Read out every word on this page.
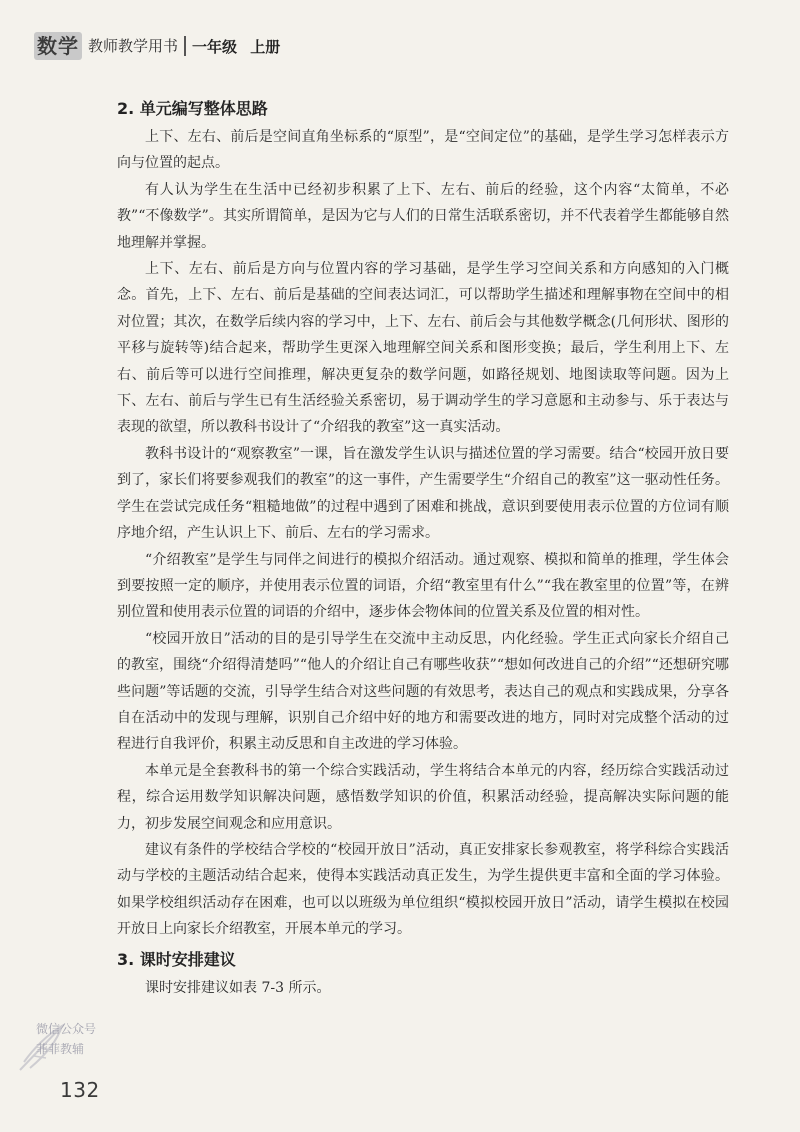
数学 教师教学用书 一年级 上册
2. 单元编写整体思路

上下、左右、前后是空间直角坐标系的“原型”，是“空间定位”的基础，是学生学习怎样表示方向与位置的起点。

有人认为学生在生活中已经初步积累了上下、左右、前后的经验，这个内容“太简单，不必教”“不像数学”。其实所谓简单，是因为它与人们的日常生活联系密切，并不代表着学生都能够自然地理解并掌握。

上下、左右、前后是方向与位置内容的学习基础，是学生学习空间关系和方向感知的入门概念。首先，上下、左右、前后是基础的空间表达词汇，可以帮助学生描述和理解事物在空间中的相对位置；其次，在数学后续内容的学习中，上下、左右、前后会与其他数学概念(几何形状、图形的平移与旋转等)结合起来，帮助学生更深入地理解空间关系和图形变换；最后，学生利用上下、左右、前后等可以进行空间推理，解决更复杂的数学问题，如路径规划、地图读取等问题。因为上下、左右、前后与学生已有生活经验关系密切，易于调动学生的学习意愿和主动参与、乐于表达与表现的欲望，所以教科书设计了“介绍我的教室”这一真实活动。

教科书设计的“观察教室”一课，旨在激发学生认识与描述位置的学习需要。结合“校园开放日要到了，家长们将要参观我们的教室”的这一事件，产生需要学生“介绍自己的教室”这一驱动性任务。学生在尝试完成任务“粗糙地做”的过程中遇到了困难和挑战，意识到要使用表示位置的方位词有顺序地介绍，产生认识上下、前后、左右的学习需求。

“介绍教室”是学生与同伴之间进行的模拟介绍活动。通过观察、模拟和简单的推理，学生体会到要按照一定的顺序，并使用表示位置的词语，介绍“教室里有什么”“我在教室里的位置”等，在辨别位置和使用表示位置的词语的介绍中，逐步体会物体间的位置关系及位置的相对性。

“校园开放日”活动的目的是引导学生在交流中主动反思，内化经验。学生正式向家长介绍自己的教室，围绕“介绍得清楚吗”“他人的介绍让自己有哪些收获”“想如何改进自己的介绍”“还想研究哪些问题”等话题的交流，引导学生结合对这些问题的有效思考，表达自己的观点和实践成果，分享各自在活动中的发现与理解，识别自己介绍中好的地方和需要改进的地方，同时对完成整个活动的过程进行自我评价，积累主动反思和自主改进的学习体验。

本单元是全套教科书的第一个综合实践活动，学生将结合本单元的内容，经历综合实践活动过程，综合运用数学知识解决问题，感悟数学知识的价值，积累活动经验，提高解决实际问题的能力，初步发展空间观念和应用意识。

建议有条件的学校结合学校的“校园开放日”活动，真正安排家长参观教室，将学科综合实践活动与学校的主题活动结合起来，使得本实践活动真正发生，为学生提供更丰富和全面的学习体验。如果学校组织活动存在困难，也可以以班级为单位组织“模拟校园开放日”活动，请学生模拟在校园开放日上向家长介绍教室，开展本单元的学习。

3. 课时安排建议

课时安排建议如表 7-3 所示。

微信公众号
菲菲教辅
132
